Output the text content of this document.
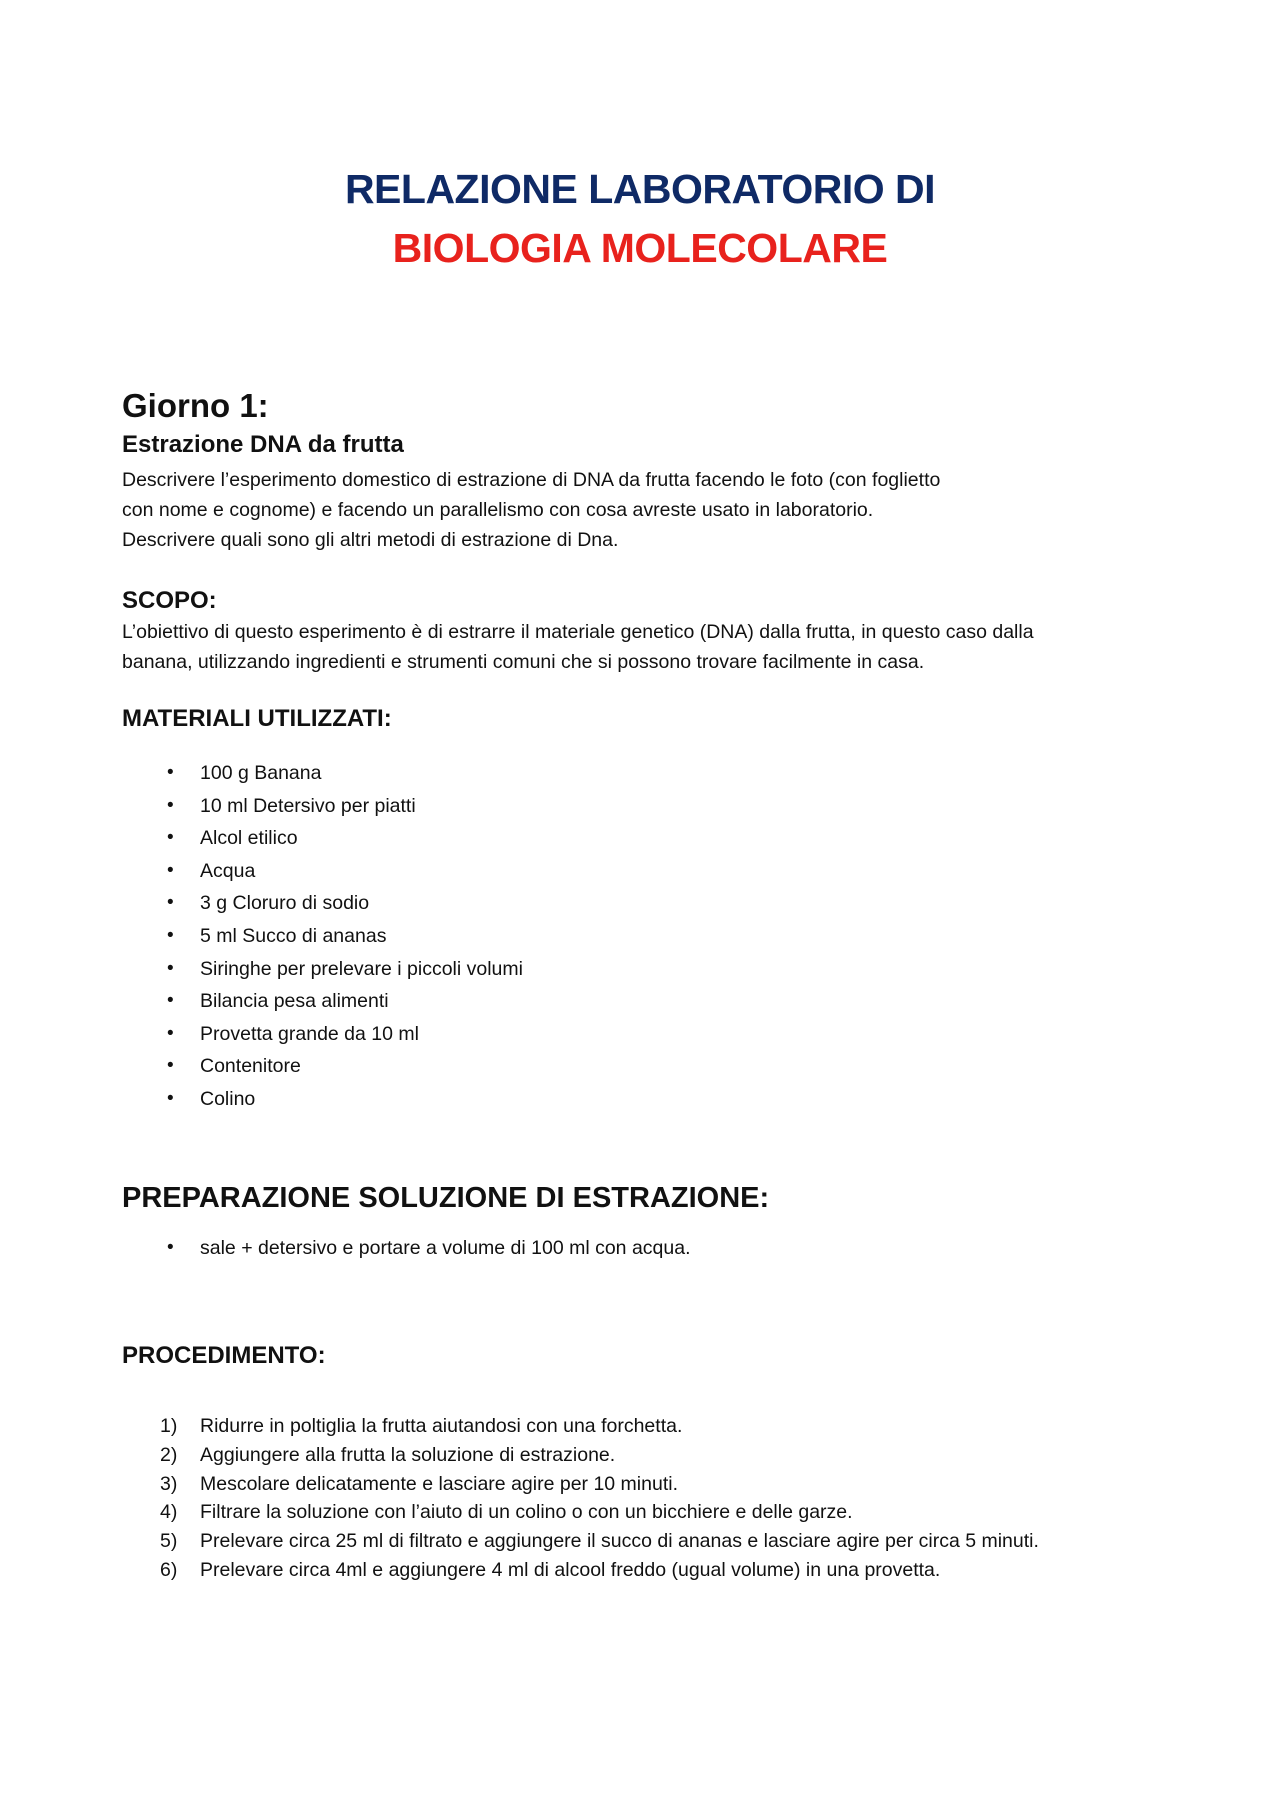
RELAZIONE LABORATORIO DI
BIOLOGIA MOLECOLARE
Giorno 1:
Estrazione DNA da frutta

Descrivere l’esperimento domestico di estrazione di DNA da frutta facendo le foto (con foglietto

con nome e cognome) e facendo un parallelismo con cosa avreste usato in laboratorio.

Descrivere quali sono gli altri metodi di estrazione di Dna.

SCOPO:

L’obiettivo di questo esperimento è di estrarre il materiale genetico (DNA) dalla frutta, in questo caso dalla

banana, utilizzando ingredienti e strumenti comuni che si possono trovare facilmente in casa.

MATERIALI UTILIZZATI:
• 100 g Banana
• 10 ml Detersivo per piatti
• Alcol etilico
• Acqua
• 3 g Cloruro di sodio
• 5 ml Succo di ananas
• Siringhe per prelevare i piccoli volumi
• Bilancia pesa alimenti
• Provetta grande da 10 ml
• Contenitore
• Colino
PREPARAZIONE SOLUZIONE DI ESTRAZIONE:
• sale + detersivo e portare a volume di 100 ml con acqua.
PROCEDIMENTO:
1) Ridurre in poltiglia la frutta aiutandosi con una forchetta.
2) Aggiungere alla frutta la soluzione di estrazione.
3) Mescolare delicatamente e lasciare agire per 10 minuti.
4) Filtrare la soluzione con l’aiuto di un colino o con un bicchiere e delle garze.
5) Prelevare circa 25 ml di filtrato e aggiungere il succo di ananas e lasciare agire per circa 5 minuti.
6) Prelevare circa 4ml e aggiungere 4 ml di alcool freddo (ugual volume) in una provetta.
